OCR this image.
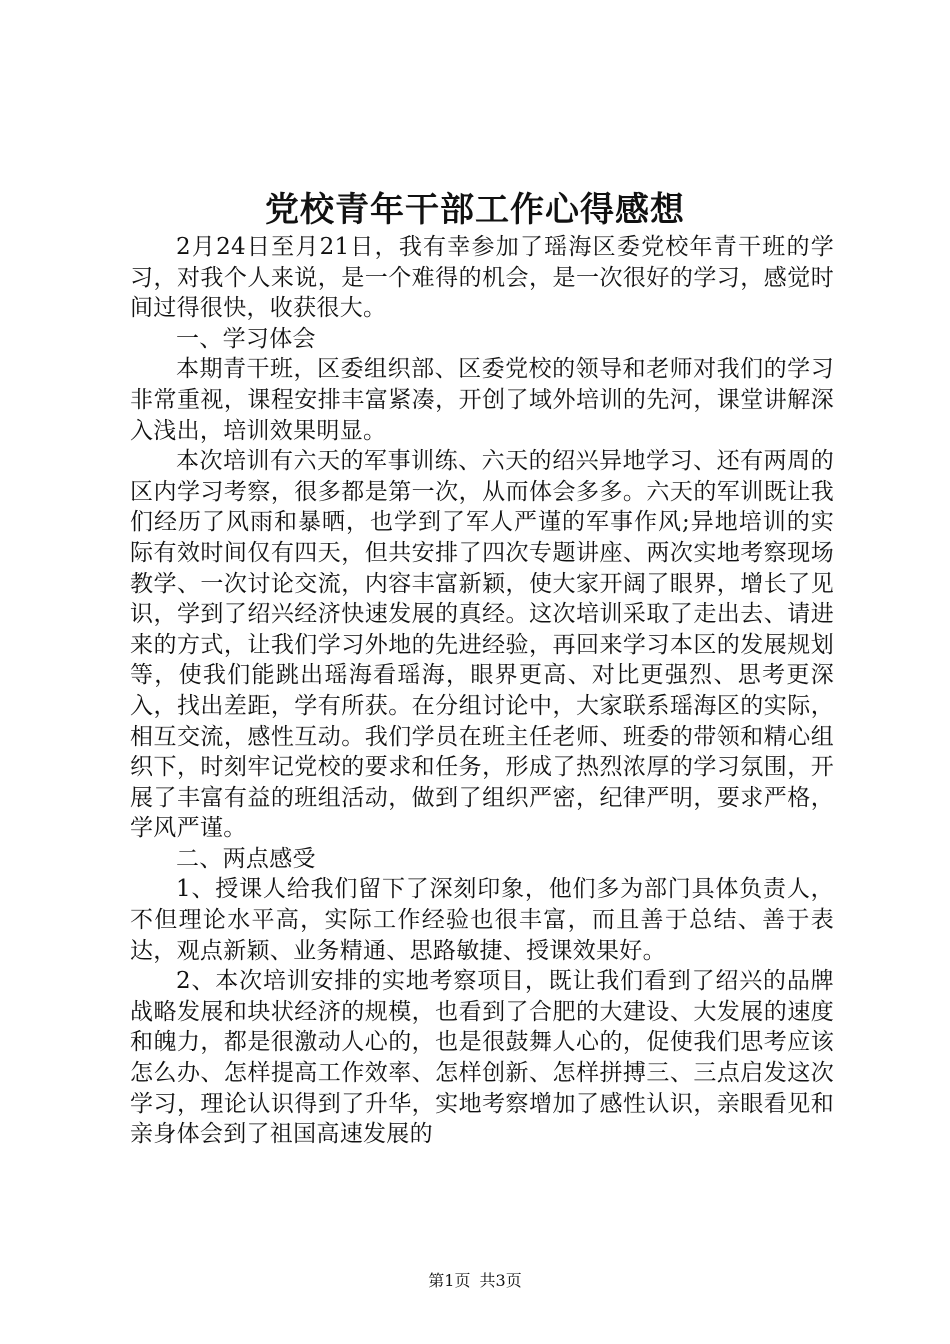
党校青年干部工作心得感想

2月24日至月21日，我有幸参加了瑶海区委党校年青干班的学习，对我个人来说，是一个难得的机会，是一次很好的学习，感觉时间过得很快，收获很大。

一、学习体会

本期青干班，区委组织部、区委党校的领导和老师对我们的学习非常重视，课程安排丰富紧凑，开创了域外培训的先河，课堂讲解深入浅出，培训效果明显。

本次培训有六天的军事训练、六天的绍兴异地学习、还有两周的区内学习考察，很多都是第一次，从而体会多多。六天的军训既让我们经历了风雨和暴晒，也学到了军人严谨的军事作风;异地培训的实际有效时间仅有四天，但共安排了四次专题讲座、两次实地考察现场教学、一次讨论交流，内容丰富新颖，使大家开阔了眼界，增长了见识，学到了绍兴经济快速发展的真经。这次培训采取了走出去、请进来的方式，让我们学习外地的先进经验，再回来学习本区的发展规划等，使我们能跳出瑶海看瑶海，眼界更高、对比更强烈、思考更深入，找出差距，学有所获。在分组讨论中，大家联系瑶海区的实际，相互交流，感性互动。我们学员在班主任老师、班委的带领和精心组织下，时刻牢记党校的要求和任务，形成了热烈浓厚的学习氛围，开展了丰富有益的班组活动，做到了组织严密，纪律严明，要求严格，学风严谨。

二、两点感受

1、授课人给我们留下了深刻印象，他们多为部门具体负责人，不但理论水平高，实际工作经验也很丰富，而且善于总结、善于表达，观点新颖、业务精通、思路敏捷、授课效果好。

2、本次培训安排的实地考察项目，既让我们看到了绍兴的品牌战略发展和块状经济的规模，也看到了合肥的大建设、大发展的速度和魄力，都是很激动人心的，也是很鼓舞人心的，促使我们思考应该怎么办、怎样提高工作效率、怎样创新、怎样拼搏三、三点启发这次学习，理论认识得到了升华，实地考察增加了感性认识，亲眼看见和亲身体会到了祖国高速发展的

第1页 共3页
